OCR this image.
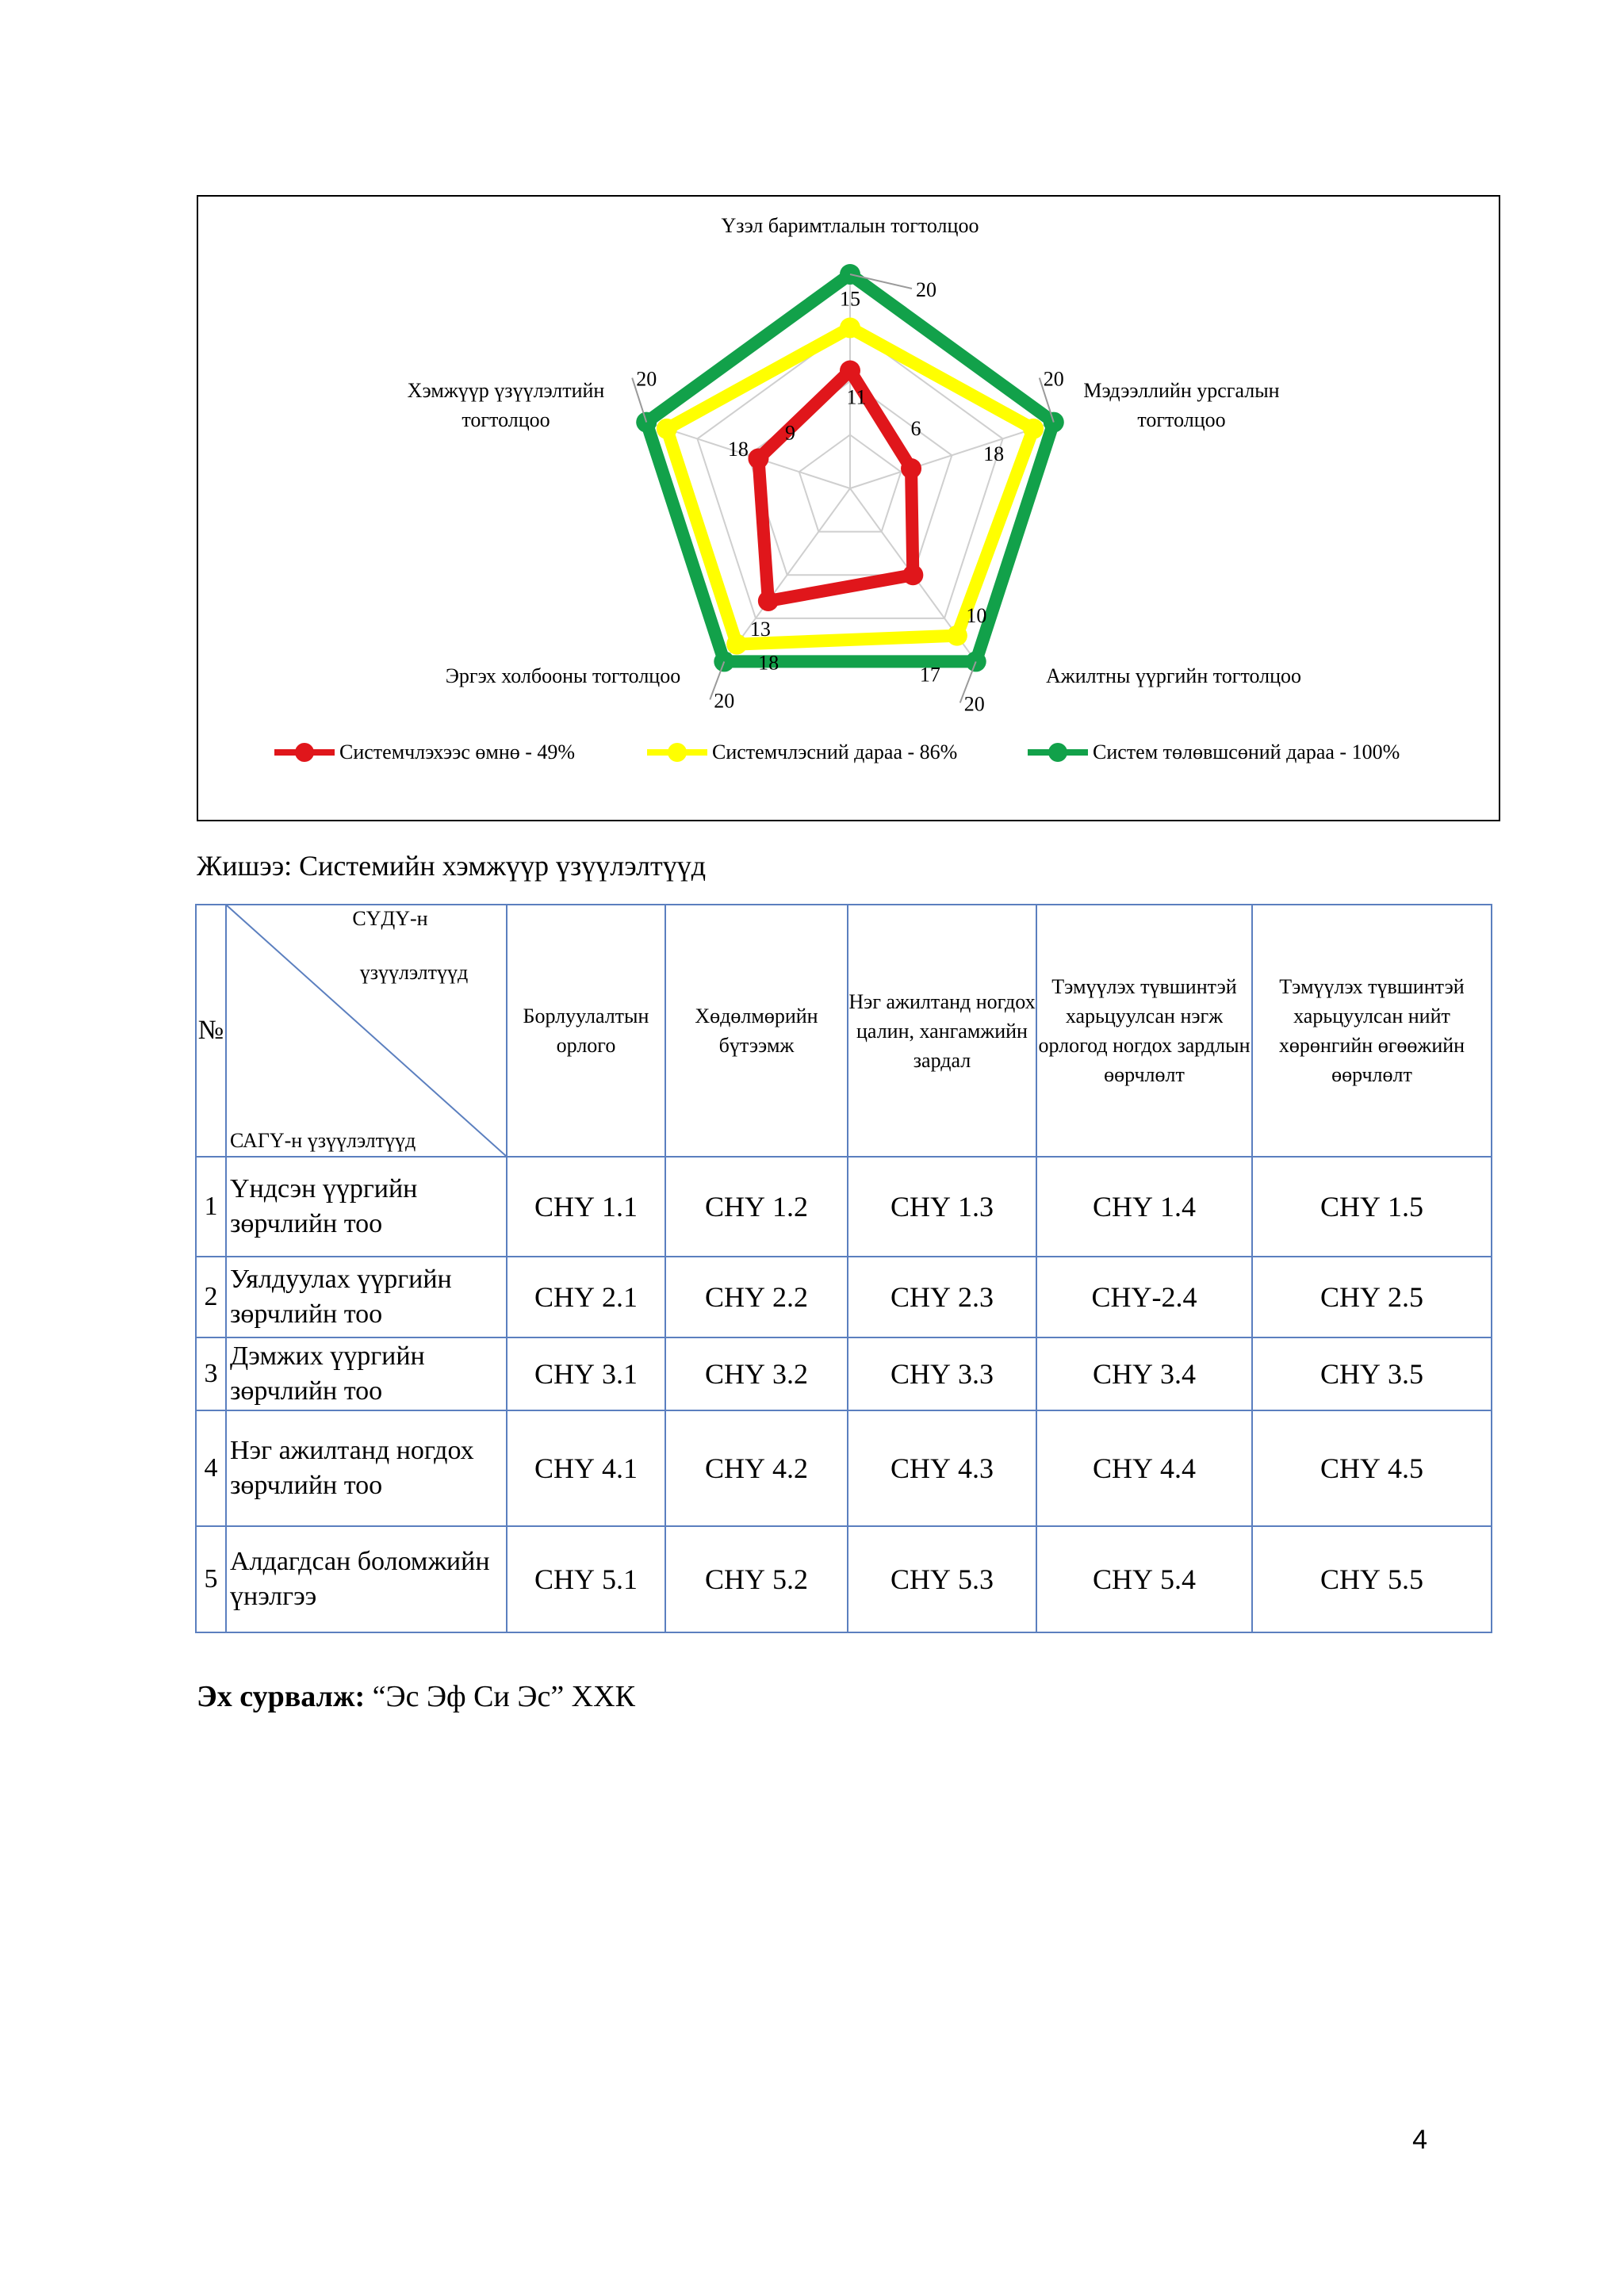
20
20
20
20
20
15
18
17
18
18
11
6
10
13
9
Үзэл баримтлалын тогтолцоо
Мэдээллийн урсгалын
тогтолцоо
Ажилтны үүргийн тогтолцоо
Эргэх холбооны тогтолцоо
Хэмжүүр үзүүлэлтийн
тогтолцоо
Системчлэхээс өмнө - 49%	Системчлэсний дараа - 86%	Систем төлөвшсөний дараа - 100%
Жишээ: Системийн хэмжүүр үзүүлэлтүүд
№	СҮДҮ-н
үзүүлэлтүүд
САГҮ-н үзүүлэлтүүд	Борлуулалтын орлого	Хөдөлмөрийн бүтээмж	Нэг ажилтанд ногдох цалин, хангамжийн зардал	Тэмүүлэх түвшинтэй харьцуулсан нэгж орлогод ногдох зардлын өөрчлөлт	Тэмүүлэх түвшинтэй харьцуулсан нийт хөрөнгийн өгөөжийн өөрчлөлт
1	Үндсэн үүргийн зөрчлийн тоо	СНҮ 1.1	СНҮ 1.2	СНҮ 1.3	СНҮ 1.4	СНҮ 1.5
2	Уялдуулах үүргийн зөрчлийн тоо	СНҮ 2.1	СНҮ 2.2	СНҮ 2.3	СНҮ-2.4	СНҮ 2.5
3	Дэмжих үүргийн зөрчлийн тоо	СНҮ 3.1	СНҮ 3.2	СНҮ 3.3	СНҮ 3.4	СНҮ 3.5
4	Нэг ажилтанд ногдох зөрчлийн тоо	СНҮ 4.1	СНҮ 4.2	СНҮ 4.3	СНҮ 4.4	СНҮ 4.5
5	Алдагдсан боломжийн үнэлгээ	СНҮ 5.1	СНҮ 5.2	СНҮ 5.3	СНҮ 5.4	СНҮ 5.5
Эх сурвалж: “Эс Эф Си Эс” ХХК
4
